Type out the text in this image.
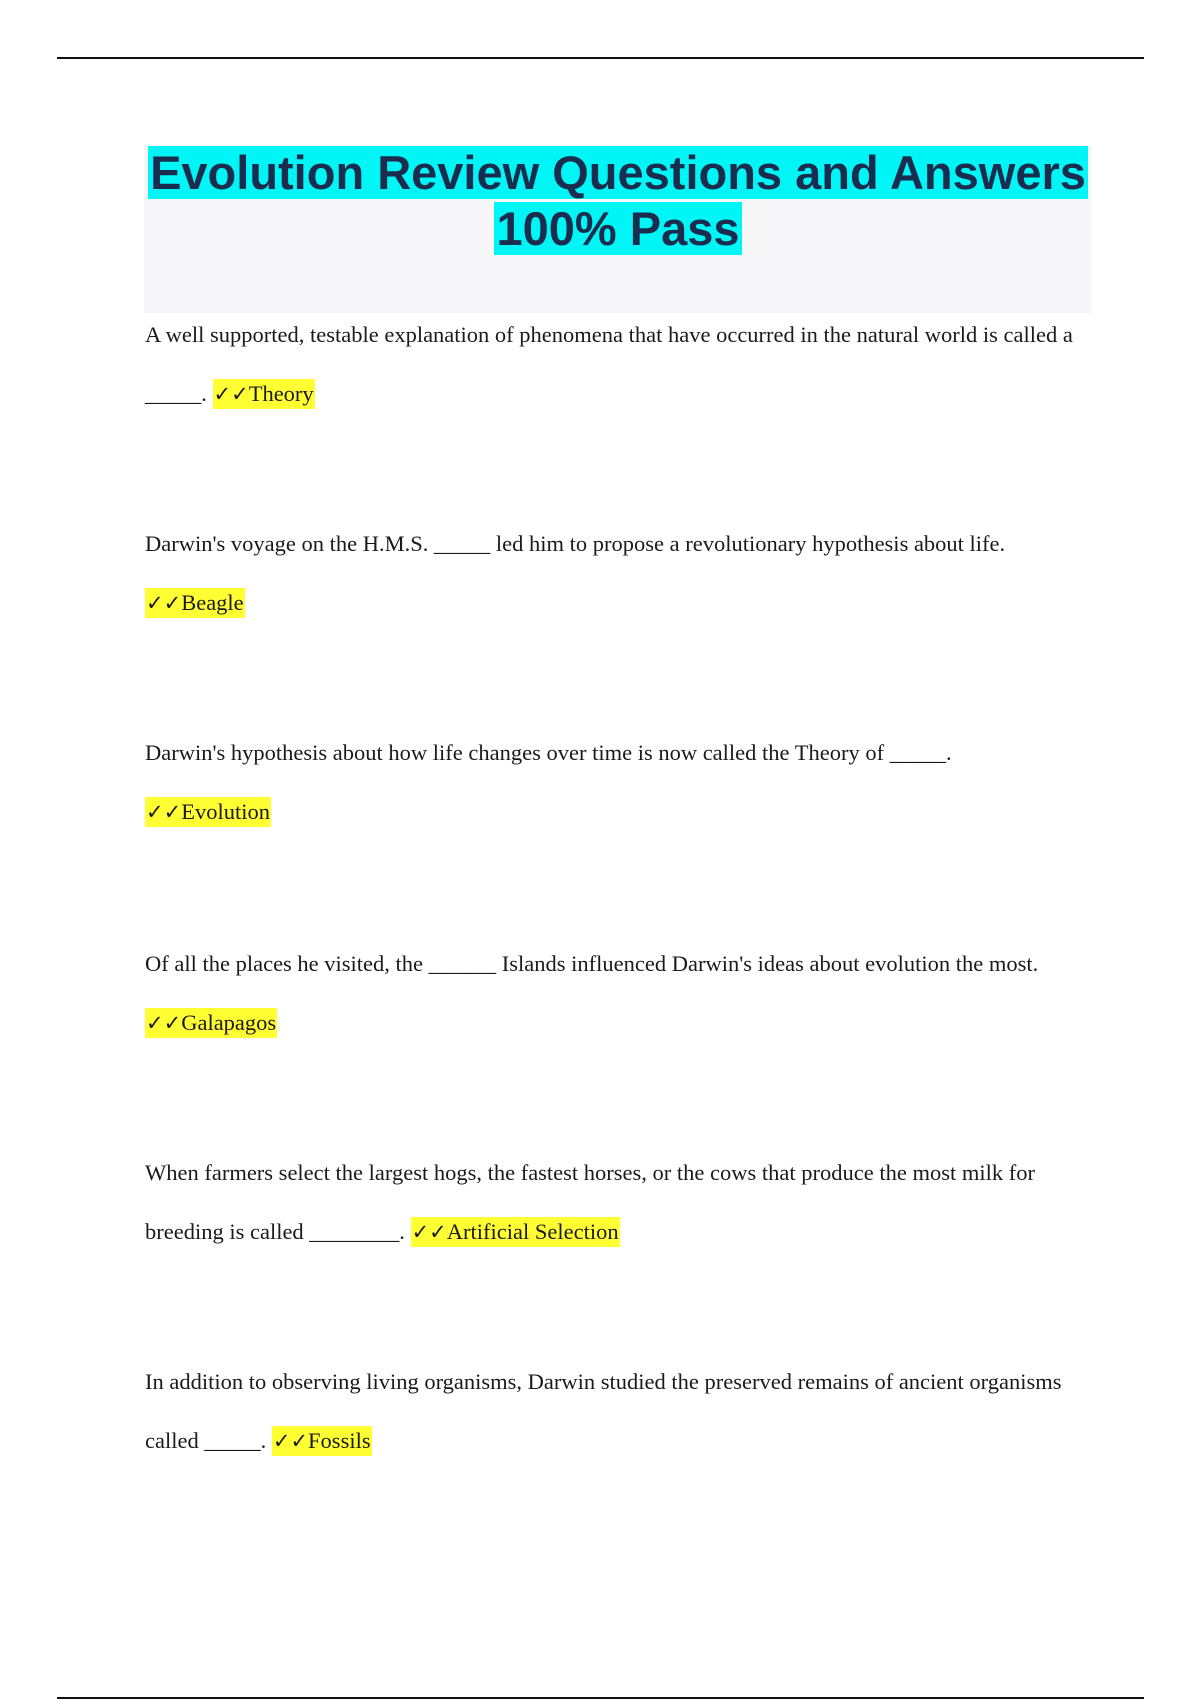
Evolution Review Questions and Answers 100% Pass

A well supported, testable explanation of phenomena that have occurred in the natural world is called a _____. ✓✓Theory

Darwin's voyage on the H.M.S. _____ led him to propose a revolutionary hypothesis about life.
✓✓Beagle

Darwin's hypothesis about how life changes over time is now called the Theory of _____.
✓✓Evolution

Of all the places he visited, the ______ Islands influenced Darwin's ideas about evolution the most. ✓✓Galapagos

When farmers select the largest hogs, the fastest horses, or the cows that produce the most milk for breeding is called ________. ✓✓Artificial Selection

In addition to observing living organisms, Darwin studied the preserved remains of ancient organisms called _____. ✓✓Fossils
